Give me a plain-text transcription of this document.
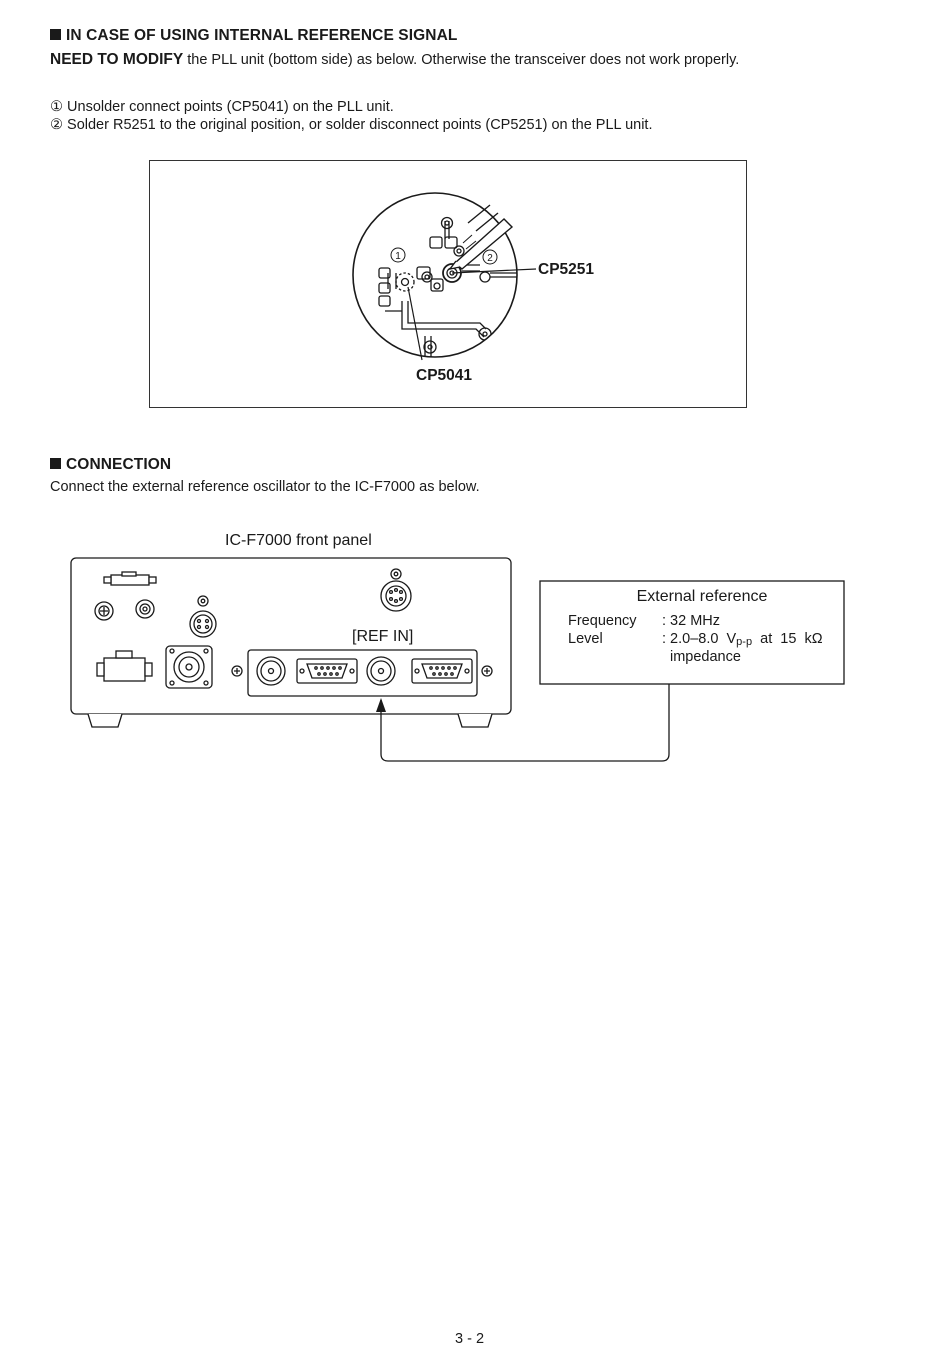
IN CASE OF USING INTERNAL REFERENCE SIGNAL
NEED TO MODIFY the PLL unit (bottom side) as below. Otherwise the transceiver does not work properly.
① Unsolder connect points (CP5041) on the PLL unit.
② Solder R5251 to the original position, or solder disconnect points (CP5251) on the PLL unit.
1	2
CP5251
CP5041
CONNECTION
Connect the external reference oscillator to the IC-F7000 as below.
IC-F7000 front panel
[REF IN]
External reference
Frequency : 32 MHz
Level	: 2.0–8.0  Vp-p  at  15  kΩ
impedance
3 - 2
